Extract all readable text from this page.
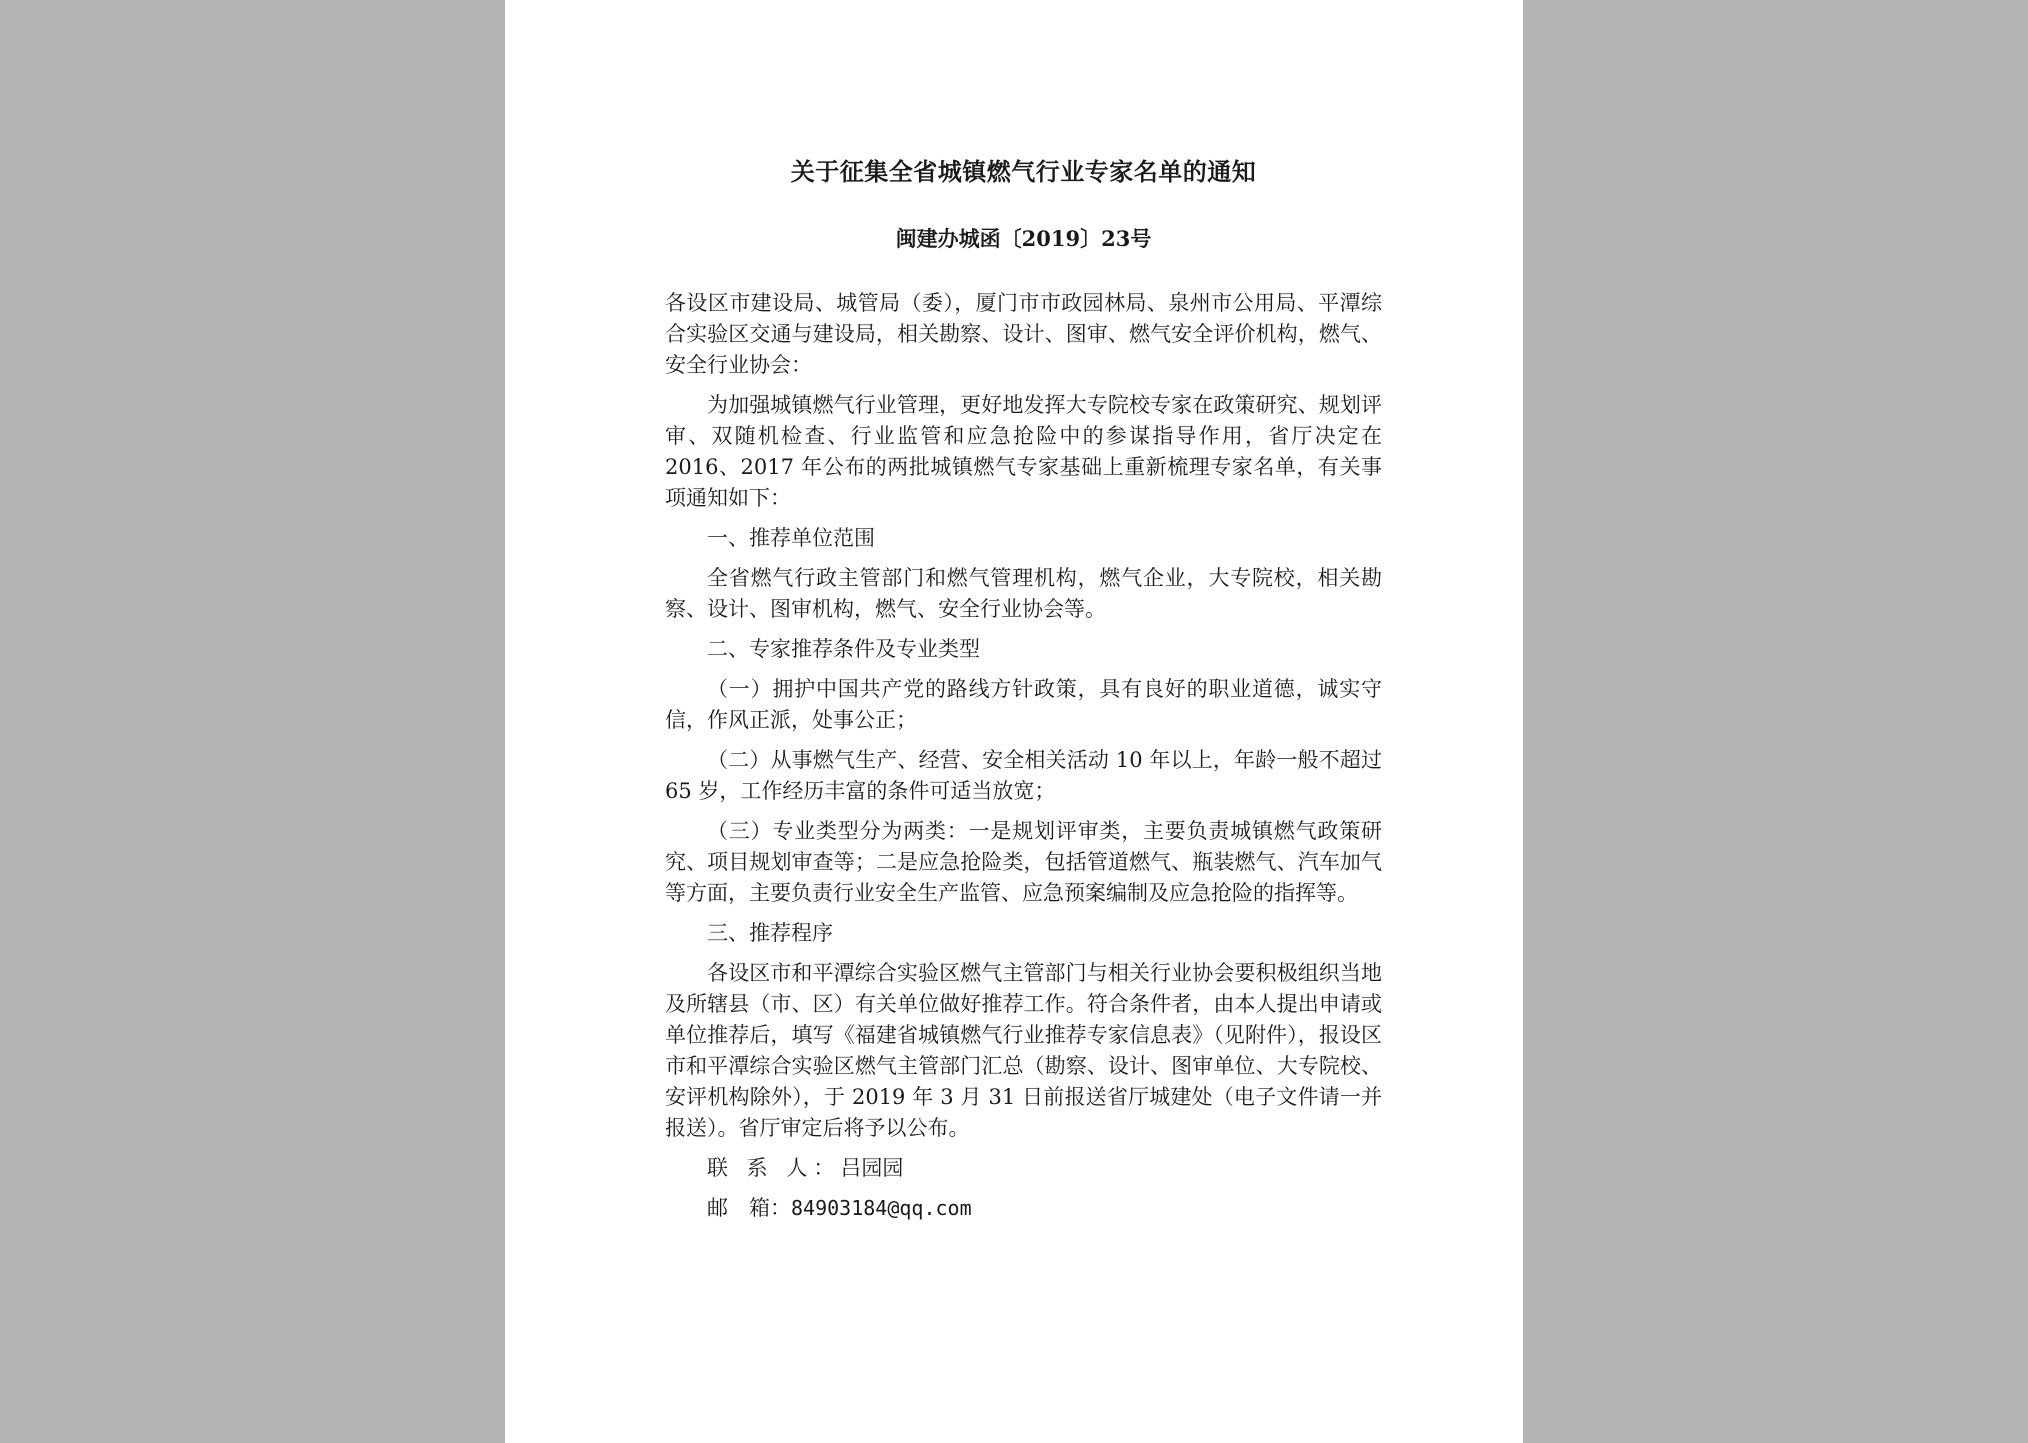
关于征集全省城镇燃气行业专家名单的通知
闽建办城函〔2019〕23号

各设区市建设局、城管局（委），厦门市市政园林局、泉州市公用局、平潭综合实验区交通与建设局，相关勘察、设计、图审、燃气安全评价机构，燃气、安全行业协会：

为加强城镇燃气行业管理，更好地发挥大专院校专家在政策研究、规划评审、双随机检查、行业监管和应急抢险中的参谋指导作用，省厅决定在 2016、2017 年公布的两批城镇燃气专家基础上重新梳理专家名单，有关事项通知如下：

一、推荐单位范围

全省燃气行政主管部门和燃气管理机构，燃气企业，大专院校，相关勘察、设计、图审机构，燃气、安全行业协会等。

二、专家推荐条件及专业类型

（一）拥护中国共产党的路线方针政策，具有良好的职业道德，诚实守信，作风正派，处事公正；

（二）从事燃气生产、经营、安全相关活动 10 年以上，年龄一般不超过 65 岁，工作经历丰富的条件可适当放宽；

（三）专业类型分为两类：一是规划评审类，主要负责城镇燃气政策研究、项目规划审查等；二是应急抢险类，包括管道燃气、瓶装燃气、汽车加气等方面，主要负责行业安全生产监管、应急预案编制及应急抢险的指挥等。

三、推荐程序

各设区市和平潭综合实验区燃气主管部门与相关行业协会要积极组织当地及所辖县（市、区）有关单位做好推荐工作。符合条件者，由本人提出申请或单位推荐后，填写《福建省城镇燃气行业推荐专家信息表》（见附件），报设区市和平潭综合实验区燃气主管部门汇总（勘察、设计、图审单位、大专院校、安评机构除外），于 2019 年 3 月 31 日前报送省厅城建处（电子文件请一并报送）。省厅审定后将予以公布。

联 系 人：吕园园
邮　箱：84903184@qq.com
